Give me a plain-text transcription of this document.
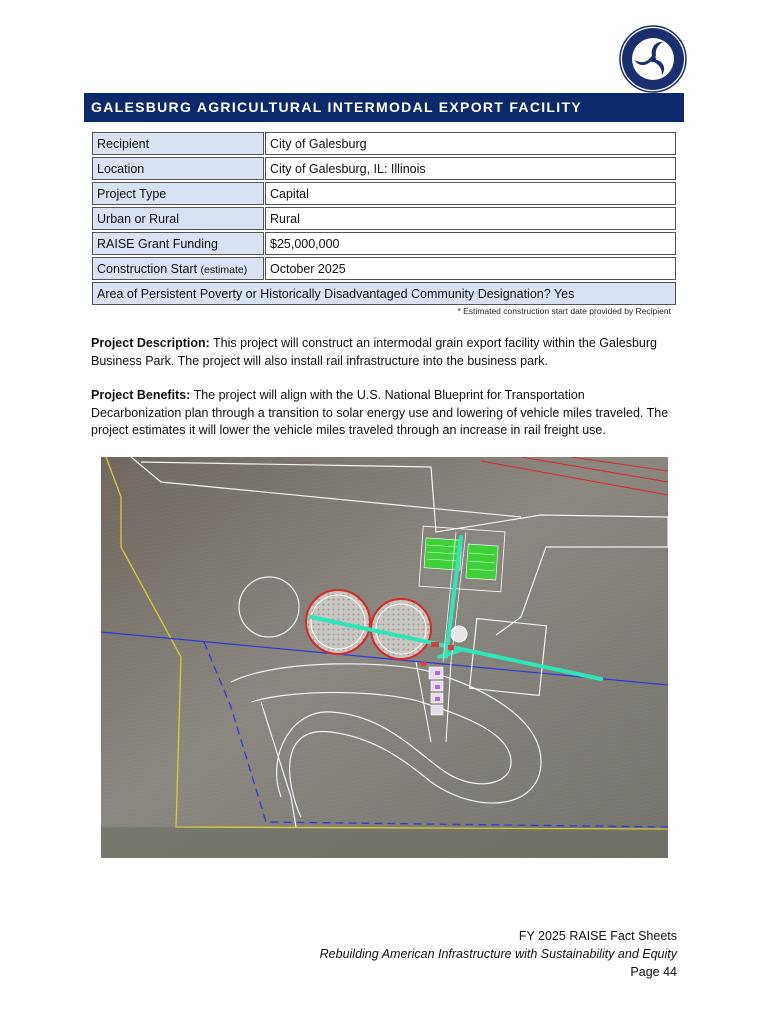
GALESBURG AGRICULTURAL INTERMODAL EXPORT FACILITY
Recipient	City of Galesburg
Location	City of Galesburg, IL: Illinois
Project Type	Capital
Urban or Rural	Rural
RAISE Grant Funding	$25,000,000
Construction Start (estimate)	October 2025
Area of Persistent Poverty or Historically Disadvantaged Community Designation? Yes	
* Estimated construction start date provided by Recipient
Project Description: This project will construct an intermodal grain export facility within the Galesburg Business Park. The project will also install rail infrastructure into the business park.
Project Benefits: The project will align with the U.S. National Blueprint for Transportation Decarbonization plan through a transition to solar energy use and lowering of vehicle miles traveled. The project estimates it will lower the vehicle miles traveled through an increase in rail freight use.
FY 2025 RAISE Fact Sheets
Rebuilding American Infrastructure with Sustainability and Equity
Page 44
